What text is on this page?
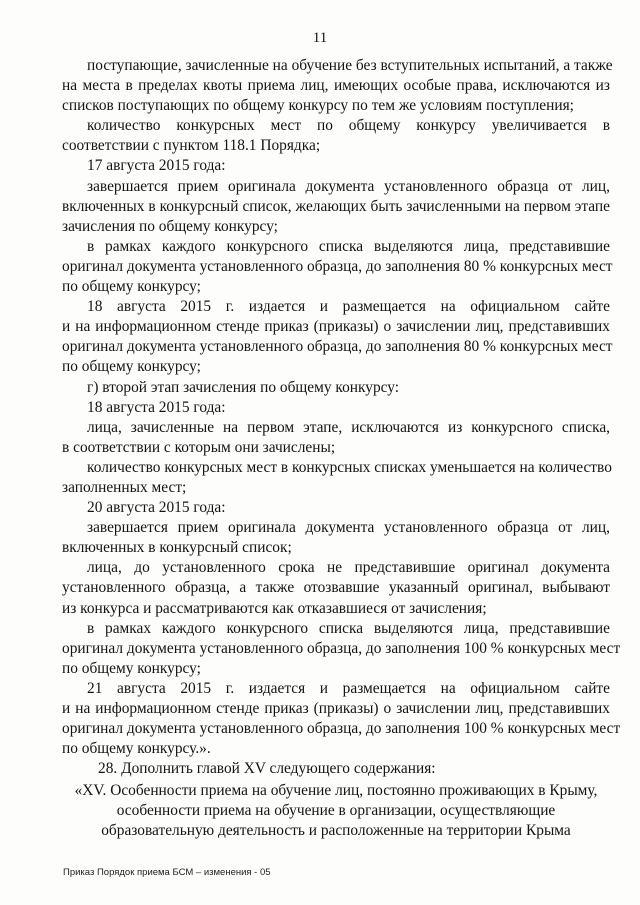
11
поступающие, зачисленные на обучение без вступительных испытаний, а также
на места в пределах квоты приема лиц, имеющих особые права, исключаются из
списков поступающих по общему конкурсу по тем же условиям поступления;
количество конкурсных мест по общему конкурсу увеличивается в
соответствии с пунктом 118.1 Порядка;
17 августа 2015 года:
завершается прием оригинала документа установленного образца от лиц,
включенных в конкурсный список, желающих быть зачисленными на первом этапе
зачисления по общему конкурсу;
в рамках каждого конкурсного списка выделяются лица, представившие
оригинал документа установленного образца, до заполнения 80 % конкурсных мест
по общему конкурсу;
18 августа 2015 г. издается и размещается на официальном сайте
и на информационном стенде приказ (приказы) о зачислении лиц, представивших
оригинал документа установленного образца, до заполнения 80 % конкурсных мест
по общему конкурсу;
г) второй этап зачисления по общему конкурсу:
18 августа 2015 года:
лица, зачисленные на первом этапе, исключаются из конкурсного списка,
в соответствии с которым они зачислены;
количество конкурсных мест в конкурсных списках уменьшается на количество
заполненных мест;
20 августа 2015 года:
завершается прием оригинала документа установленного образца от лиц,
включенных в конкурсный список;
лица, до установленного срока не представившие оригинал документа
установленного образца, а также отозвавшие указанный оригинал, выбывают
из конкурса и рассматриваются как отказавшиеся от зачисления;
в рамках каждого конкурсного списка выделяются лица, представившие
оригинал документа установленного образца, до заполнения 100 % конкурсных мест
по общему конкурсу;
21 августа 2015 г. издается и размещается на официальном сайте
и на информационном стенде приказ (приказы) о зачислении лиц, представивших
оригинал документа установленного образца, до заполнения 100 % конкурсных мест
по общему конкурсу.».
28. Дополнить главой XV следующего содержания:
«XV. Особенности приема на обучение лиц, постоянно проживающих в Крыму,
особенности приема на обучение в организации, осуществляющие
образовательную деятельность и расположенные на территории Крыма
Приказ Порядок приема БСМ – изменения - 05
